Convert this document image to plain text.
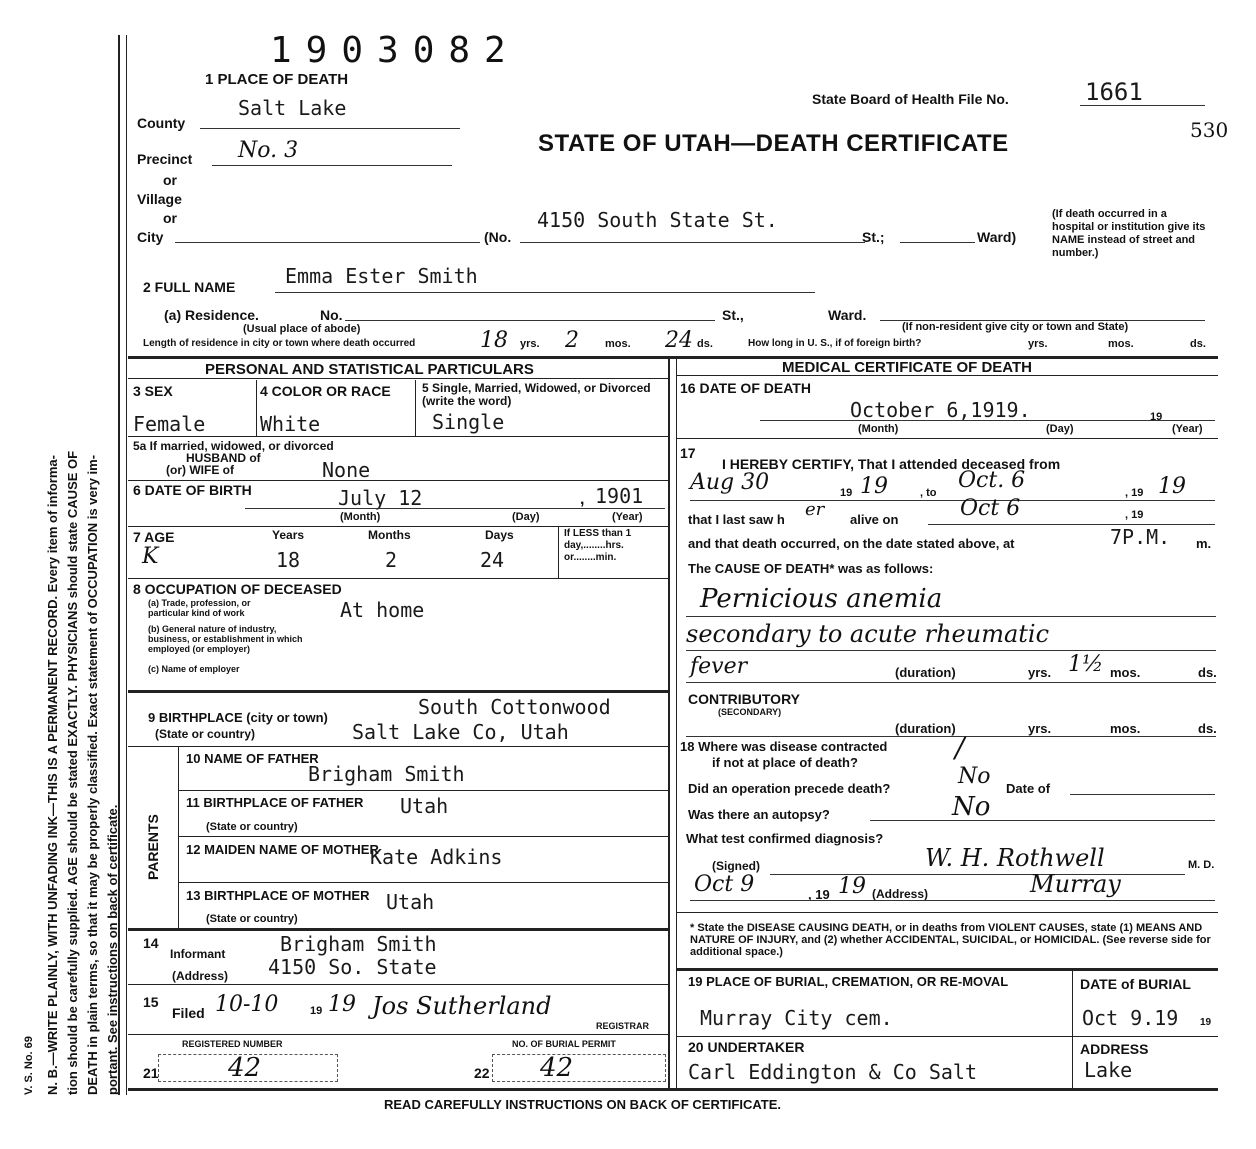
N. B.—WRITE PLAINLY, WITH UNFADING INK—THIS IS A PERMANENT RECORD. Every item of informa- tion should be carefully supplied. AGE should be stated EXACTLY. PHYSICIANS should state CAUSE OF DEATH in plain terms, so that it may be properly classified. Exact statement of OCCUPATION is very im- portant. See instructions on back of certificate.
V. S. No. 69
1903082
1 PLACE OF DEATH
State Board of Health File No.	1661
530
STATE OF UTAH—DEATH CERTIFICATE
County
Salt Lake
Precinct No. 3
or
Village
or
City	(No.
4150 South State St.
St.;	Ward)
(If death occurred in a hospital or institution give its NAME instead of street and number.)
2 FULL NAME Emma Ester Smith
(a) Residence.	No.	St.,	Ward.
(Usual place of abode)	(If non-resident give city or town and State)
Length of residence in city or town where death occurred	18 yrs. 2 mos. 24 ds.	How long in U. S., if of foreign birth?	yrs.	mos.	ds.
PERSONAL AND STATISTICAL PARTICULARS	MEDICAL CERTIFICATE OF DEATH
3 SEX	4 COLOR OR RACE	5 Single, Married, Widowed, or Divorced (write the word)
Female	White	Single
5a If married, widowed, or divorced
HUSBAND of
(or) WIFE of	None
6 DATE OF BIRTH	July 12	, 1901
(Month)	(Day)	(Year)
7 AGE
K
Years	Months	Days
18	2	24
If LESS than 1 day,........hrs. or........min.
8 OCCUPATION OF DECEASED
(a) Trade, profession, or particular kind of work	At home
(b) General nature of industry, business, or establishment in which employed (or employer)
(c) Name of employer
9 BIRTHPLACE (city or town)	South Cottonwood
(State or country)	Salt Lake Co, Utah
PARENTS
10 NAME OF FATHER
Brigham Smith
11 BIRTHPLACE OF FATHER
(State or country)
Utah
12 MAIDEN NAME OF MOTHER
Kate Adkins
13 BIRTHPLACE OF MOTHER
(State or country)
Utah
14
Informant	Brigham Smith
(Address) 4150 So. State
15
Filed 10-10	19 19 Jos Sutherland
REGISTRAR
REGISTERED NUMBER	NO. OF BURIAL PERMIT
21	42	22 42
16 DATE OF DEATH
October 6,1919.	19
(Month)	(Day)	(Year)
17
I HEREBY CERTIFY, That I attended deceased from
Aug 30	19 19	, to Oct. 6	, 19 19
that I last saw h er alive on	Oct 6	, 19
and that death occurred, on the date stated above, at	7P.M. m.
The CAUSE OF DEATH* was as follows:
Pernicious anemia
secondary to acute rheumatic
fever	(duration)	yrs. 1½ mos.	ds.
CONTRIBUTORY
(SECONDARY)
(duration)	yrs.	mos.	ds.
18 Where was disease contracted
if not at place of death?	/
Did an operation precede death?	No Date of
Was there an autopsy?	No
What test confirmed diagnosis?
(Signed)	W. H. Rothwell	M. D.
Oct 9	, 19 19 (Address)	Murray
* State the DISEASE CAUSING DEATH, or in deaths from VIOLENT CAUSES, state (1) MEANS AND NATURE OF INJURY, and (2) whether ACCIDENTAL, SUICIDAL, or HOMICIDAL. (See reverse side for additional space.)
19 PLACE OF BURIAL, CREMATION, OR RE-MOVAL
Murray City cem.
DATE of BURIAL
Oct 9.19 19
20 UNDERTAKER
Carl Eddington & Co Salt
ADDRESS
Lake
READ CAREFULLY INSTRUCTIONS ON BACK OF CERTIFICATE.
